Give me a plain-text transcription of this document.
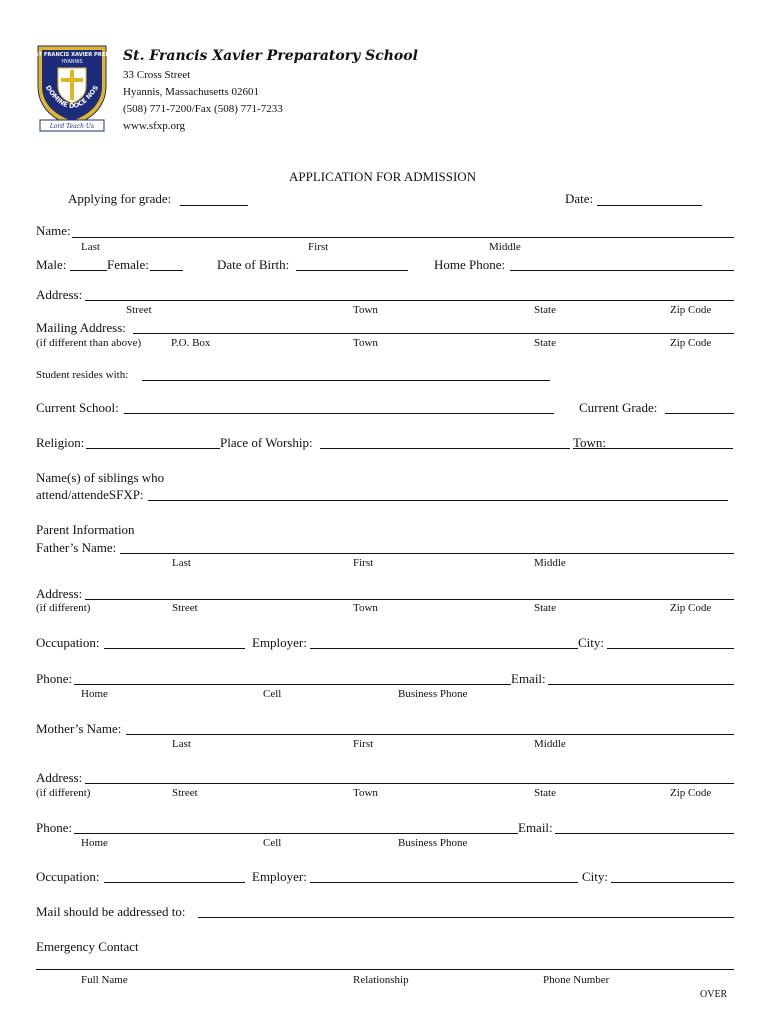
ST FRANCIS XAVIER PREP
HYANNIS
DOMINE DOCE NOS
Lord Teach Us
St. Francis Xavier Preparatory School
33 Cross Street
Hyannis, Massachusetts 02601
(508) 771-7200/Fax (508) 771-7233
www.sfxp.org
APPLICATION FOR ADMISSION
Applying for grade:	Date:
Name:
Last	First	Middle
Male:	Female:	Date of Birth:	Home Phone:
Address:
Street	Town	State	Zip Code
Mailing Address:
(if different than above)	P.O. Box	Town	State	Zip Code
Student resides with:
Current School:	Current Grade:
Religion:	Place of Worship:	Town:
Name(s) of siblings who
attend/attendeSFXP:
Parent Information
Father’s Name:
Last	First	Middle
Address:
(if different)	Street	Town	State	Zip Code
Occupation:	Employer:	City:
Phone:	Email:
Home	Cell	Business Phone
Mother’s Name:
Last	First	Middle
Address:
(if different)	Street	Town	State	Zip Code
Phone:	Email:
Home	Cell	Business Phone
Occupation:	Employer:	City:
Mail should be addressed to:
Emergency Contact
Full Name	Relationship	Phone Number
OVER
